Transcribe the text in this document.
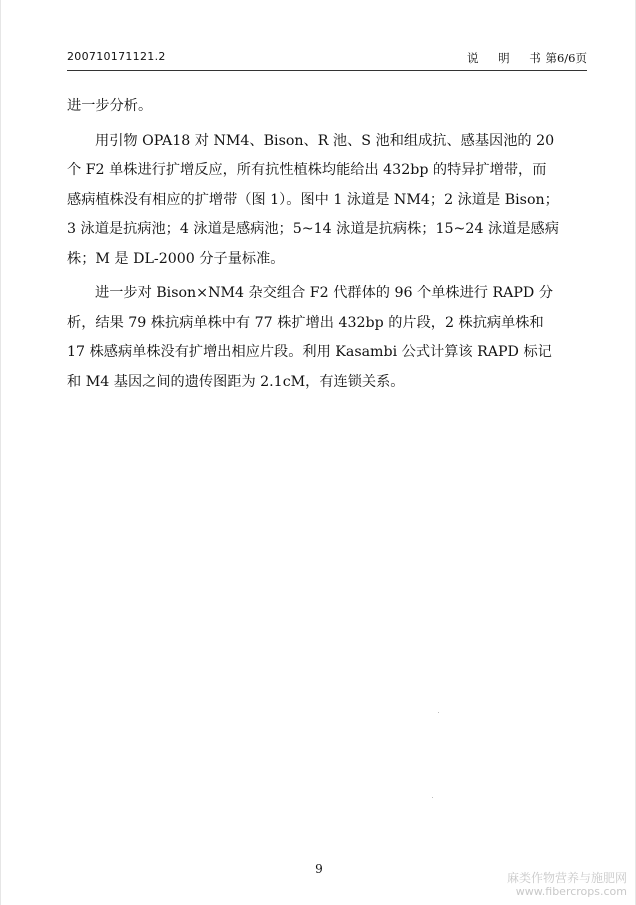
200710171121.2	说 明 书
第6/6页

进一步分析。

用引物 OPA18 对 NM4、Bison、R 池、S 池和组成抗、感基因池的 20
个 F2 单株进行扩增反应，所有抗性植株均能给出 432bp 的特异扩增带，而
感病植株没有相应的扩增带（图 1）。图中 1 泳道是 NM4；2 泳道是 Bison；
3 泳道是抗病池；4 泳道是感病池；5~14 泳道是抗病株；15~24 泳道是感病
株；M 是 DL-2000 分子量标准。

进一步对 Bison×NM4 杂交组合 F2 代群体的 96 个单株进行 RAPD 分
析，结果 79 株抗病单株中有 77 株扩增出 432bp 的片段，2 株抗病单株和
17 株感病单株没有扩增出相应片段。利用 Kasambi 公式计算该 RAPD 标记
和 M4 基因之间的遗传图距为 2.1cM，有连锁关系。

9
麻类作物营养与施肥网
www.fibercrops.com
